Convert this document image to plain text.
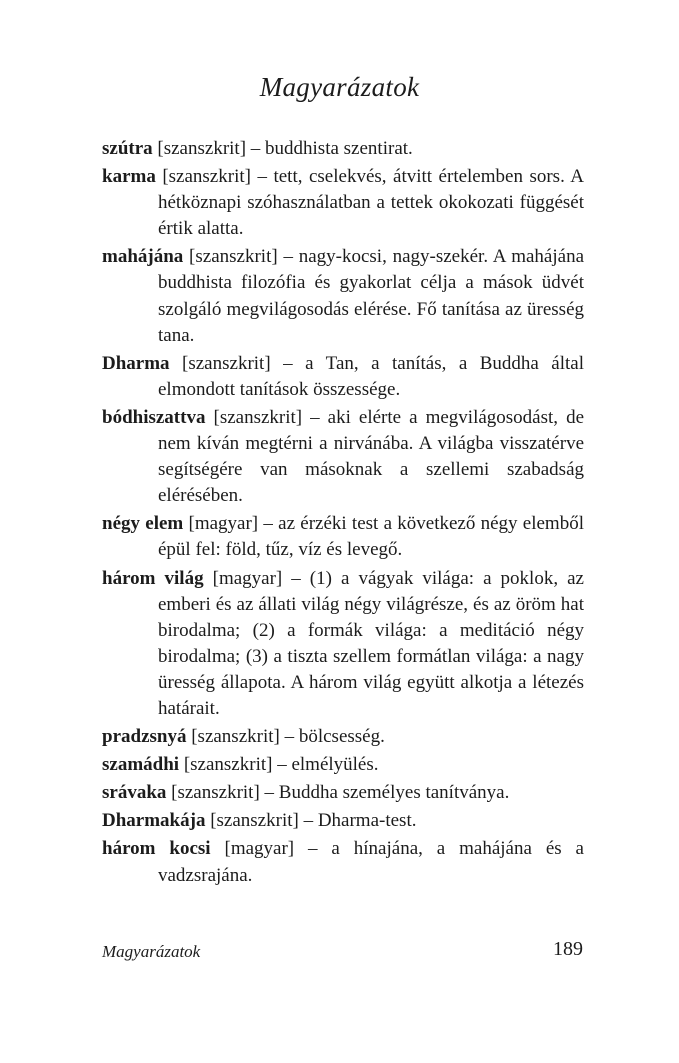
Magyarázatok

szútra [szanszkrit] – buddhista szentirat.

karma [szanszkrit] – tett, cselekvés, átvitt értelemben sors. A hétköznapi szóhasználatban a tettek okokozati függését értik alatta.

mahájána [szanszkrit] – nagy-kocsi, nagy-szekér. A mahájána buddhista filozófia és gyakorlat célja a mások üdvét szolgáló megvilágosodás elérése. Fő tanítása az üresség tana.

Dharma [szanszkrit] – a Tan, a tanítás, a Buddha által elmondott tanítások összessége.

bódhiszattva [szanszkrit] – aki elérte a megvilágosodást, de nem kíván megtérni a nirvánába. A világba visszatérve segítségére van másoknak a szellemi szabadság elérésében.

négy elem [magyar] – az érzéki test a következő négy elemből épül fel: föld, tűz, víz és levegő.

három világ [magyar] – (1) a vágyak világa: a poklok, az emberi és az állati világ négy világrésze, és az öröm hat birodalma; (2) a formák világa: a meditáció négy birodalma; (3) a tiszta szellem formátlan világa: a nagy üresség állapota. A három világ együtt alkotja a létezés határait.

pradzsnyá [szanszkrit] – bölcsesség.

szamádhi [szanszkrit] – elmélyülés.

srávaka [szanszkrit] – Buddha személyes tanítványa.

Dharmakája [szanszkrit] – Dharma-test.

három kocsi [magyar] – a hínajána, a mahájána és a vadzsrajána.

Magyarázatok	189
